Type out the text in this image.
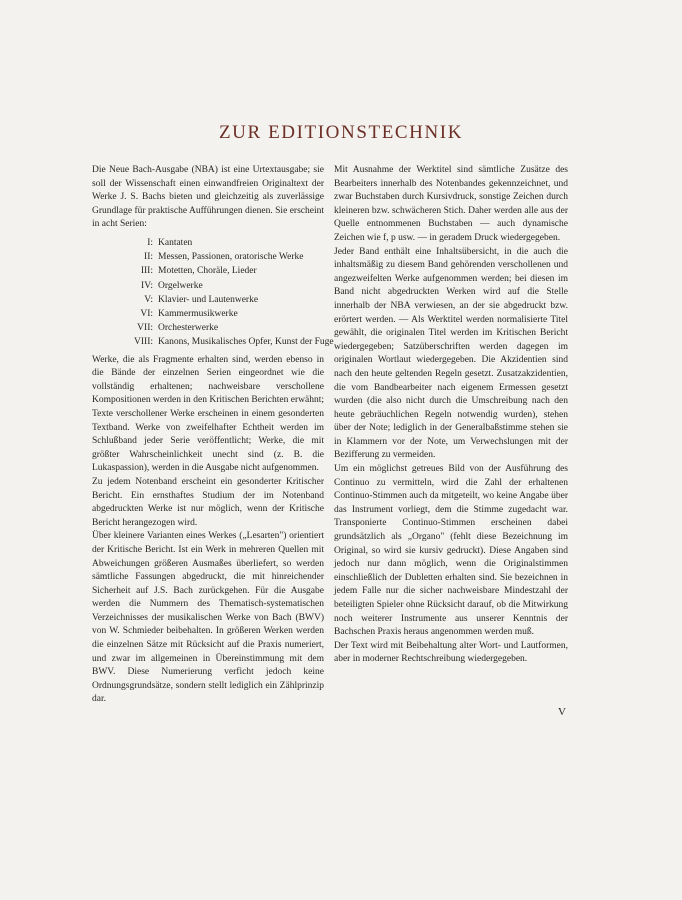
ZUR EDITIONSTECHNIK

Die Neue Bach-Ausgabe (NBA) ist eine Urtextausgabe; sie soll der Wissenschaft einen einwandfreien Originaltext der Werke J. S. Bachs bieten und gleichzeitig als zuverlässige Grundlage für praktische Aufführungen dienen. Sie erscheint in acht Serien:

I: Kantaten
II: Messen, Passionen, oratorische Werke
III: Motetten, Choräle, Lieder
IV: Orgelwerke
V: Klavier- und Lautenwerke
VI: Kammermusikwerke
VII: Orchesterwerke
VIII: Kanons, Musikalisches Opfer, Kunst der Fuge

Werke, die als Fragmente erhalten sind, werden ebenso in die Bände der einzelnen Serien eingeordnet wie die vollständig erhaltenen; nachweisbare verschollene Kompositionen werden in den Kritischen Berichten erwähnt; Texte verschollener Werke erscheinen in einem gesonderten Textband. Werke von zweifelhafter Echtheit werden im Schlußband jeder Serie veröffentlicht; Werke, die mit größter Wahrscheinlichkeit unecht sind (z. B. die Lukaspassion), werden in die Ausgabe nicht aufgenommen.

Zu jedem Notenband erscheint ein gesonderter Kritischer Bericht. Ein ernsthaftes Studium der im Notenband abgedruckten Werke ist nur möglich, wenn der Kritische Bericht herangezogen wird.

Über kleinere Varianten eines Werkes („Lesarten") orientiert der Kritische Bericht. Ist ein Werk in mehreren Quellen mit Abweichungen größeren Ausmaßes überliefert, so werden sämtliche Fassungen abgedruckt, die mit hinreichender Sicherheit auf J.S. Bach zurückgehen. Für die Ausgabe werden die Nummern des Thematisch-systematischen Verzeichnisses der musikalischen Werke von Bach (BWV) von W. Schmieder beibehalten. In größeren Werken werden die einzelnen Sätze mit Rücksicht auf die Praxis numeriert, und zwar im allgemeinen in Übereinstimmung mit dem BWV. Diese Numerierung verficht jedoch keine Ordnungsgrundsätze, sondern stellt lediglich ein Zählprinzip dar.

Mit Ausnahme der Werktitel sind sämtliche Zusätze des Bearbeiters innerhalb des Notenbandes gekennzeichnet, und zwar Buchstaben durch Kursivdruck, sonstige Zeichen durch kleineren bzw. schwächeren Stich. Daher werden alle aus der Quelle entnommenen Buchstaben — auch dynamische Zeichen wie f, p usw. — in geradem Druck wiedergegeben.

Jeder Band enthält eine Inhaltsübersicht, in die auch die inhaltsmäßig zu diesem Band gehörenden verschollenen und angezweifelten Werke aufgenommen werden; bei diesen im Band nicht abgedruckten Werken wird auf die Stelle innerhalb der NBA verwiesen, an der sie abgedruckt bzw. erörtert werden. — Als Werktitel werden normalisierte Titel gewählt, die originalen Titel werden im Kritischen Bericht wiedergegeben; Satzüberschriften werden dagegen im originalen Wortlaut wiedergegeben. Die Akzidentien sind nach den heute geltenden Regeln gesetzt. Zusatzakzidentien, die vom Bandbearbeiter nach eigenem Ermessen gesetzt wurden (die also nicht durch die Umschreibung nach den heute gebräuchlichen Regeln notwendig wurden), stehen über der Note; lediglich in der Generalbaßstimme stehen sie in Klammern vor der Note, um Verwechslungen mit der Bezifferung zu vermeiden.

Um ein möglichst getreues Bild von der Ausführung des Continuo zu vermitteln, wird die Zahl der erhaltenen Continuo-Stimmen auch da mitgeteilt, wo keine Angabe über das Instrument vorliegt, dem die Stimme zugedacht war. Transponierte Continuo-Stimmen erscheinen dabei grundsätzlich als „Organo" (fehlt diese Bezeichnung im Original, so wird sie kursiv gedruckt). Diese Angaben sind jedoch nur dann möglich, wenn die Originalstimmen einschließlich der Dubletten erhalten sind. Sie bezeichnen in jedem Falle nur die sicher nachweisbare Mindestzahl der beteiligten Spieler ohne Rücksicht darauf, ob die Mitwirkung noch weiterer Instrumente aus unserer Kenntnis der Bachschen Praxis heraus angenommen werden muß.

Der Text wird mit Beibehaltung alter Wort- und Lautformen, aber in moderner Rechtschreibung wiedergegeben.

V
